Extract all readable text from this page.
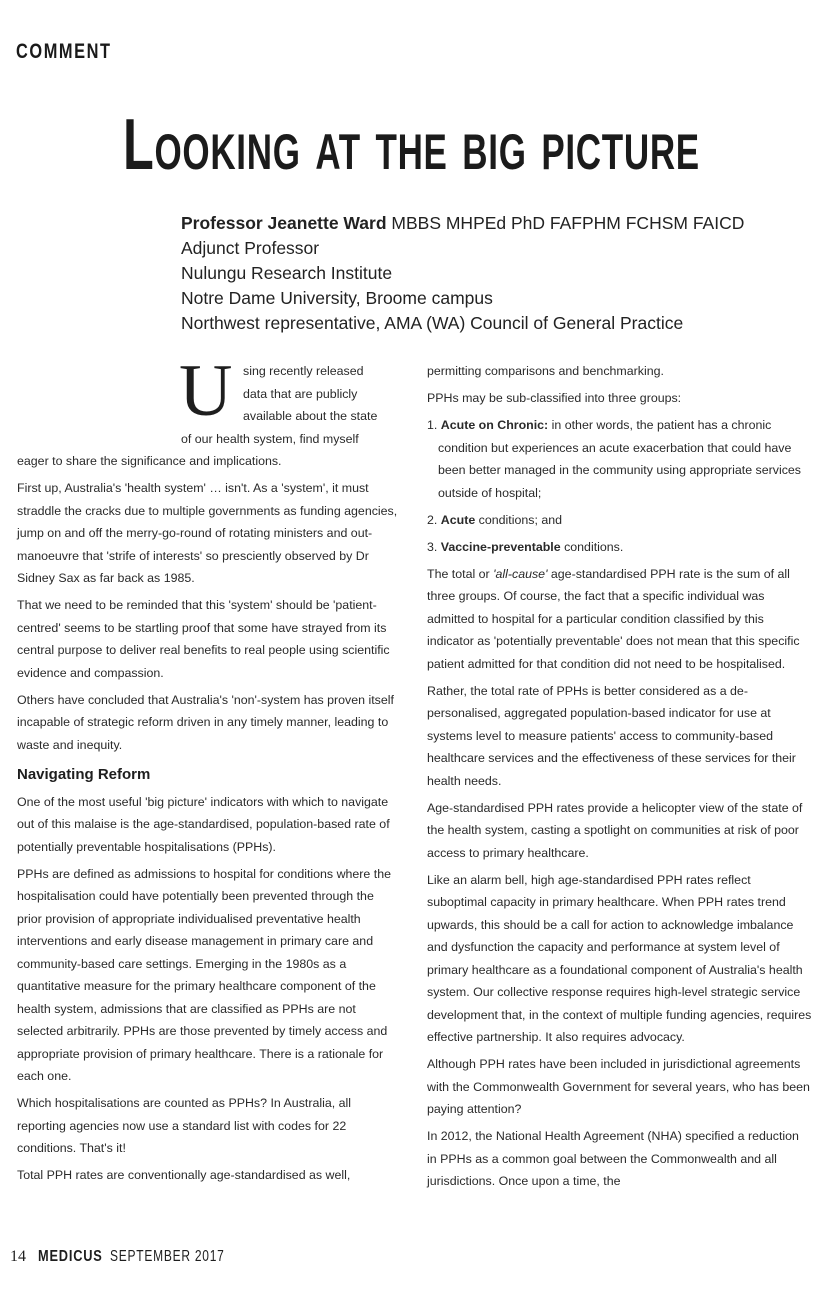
COMMENT
Looking at the big picture
Professor Jeanette Ward MBBS MHPEd PhD FAFPHM FCHSM FAICD
Adjunct Professor
Nulungu Research Institute
Notre Dame University, Broome campus
Northwest representative, AMA (WA) Council of General Practice
U sing recently released
data that are publicly
available about the state
of our health system, find myself

eager to share the significance and implications.

First up, Australia's 'health system' … isn't. As a 'system', it must straddle the cracks due to multiple governments as funding agencies, jump on and off the merry-go-round of rotating ministers and out-manoeuvre that 'strife of interests' so presciently observed by Dr Sidney Sax as far back as 1985.

That we need to be reminded that this 'system' should be 'patient-centred' seems to be startling proof that some have strayed from its central purpose to deliver real benefits to real people using scientific evidence and compassion.

Others have concluded that Australia's 'non'-system has proven itself incapable of strategic reform driven in any timely manner, leading to waste and inequity.

Navigating Reform

One of the most useful 'big picture' indicators with which to navigate out of this malaise is the age-standardised, population-based rate of potentially preventable hospitalisations (PPHs).

PPHs are defined as admissions to hospital for conditions where the hospitalisation could have potentially been prevented through the prior provision of appropriate individualised preventative health interventions and early disease management in primary care and community-based care settings. Emerging in the 1980s as a quantitative measure for the primary healthcare component of the health system, admissions that are classified as PPHs are not selected arbitrarily. PPHs are those prevented by timely access and appropriate provision of primary healthcare. There is a rationale for each one.

Which hospitalisations are counted as PPHs? In Australia, all reporting agencies now use a standard list with codes for 22 conditions. That's it!

Total PPH rates are conventionally age-standardised as well,

permitting comparisons and benchmarking.

PPHs may be sub-classified into three groups:

1. Acute on Chronic: in other words, the patient has a chronic condition but experiences an acute exacerbation that could have been better managed in the community using appropriate services outside of hospital;
2. Acute conditions; and
3. Vaccine-preventable conditions.

The total or 'all-cause' age-standardised PPH rate is the sum of all three groups. Of course, the fact that a specific individual was admitted to hospital for a particular condition classified by this indicator as 'potentially preventable' does not mean that this specific patient admitted for that condition did not need to be hospitalised.

Rather, the total rate of PPHs is better considered as a de-personalised, aggregated population-based indicator for use at systems level to measure patients' access to community-based healthcare services and the effectiveness of these services for their health needs.

Age-standardised PPH rates provide a helicopter view of the state of the health system, casting a spotlight on communities at risk of poor access to primary healthcare.

Like an alarm bell, high age-standardised PPH rates reflect suboptimal capacity in primary healthcare. When PPH rates trend upwards, this should be a call for action to acknowledge imbalance and dysfunction the capacity and performance at system level of primary healthcare as a foundational component of Australia's health system. Our collective response requires high-level strategic service development that, in the context of multiple funding agencies, requires effective partnership. It also requires advocacy.

Although PPH rates have been included in jurisdictional agreements with the Commonwealth Government for several years, who has been paying attention?

In 2012, the National Health Agreement (NHA) specified a reduction in PPHs as a common goal between the Commonwealth and all jurisdictions. Once upon a time, the

14 MEDICUS SEPTEMBER 2017
